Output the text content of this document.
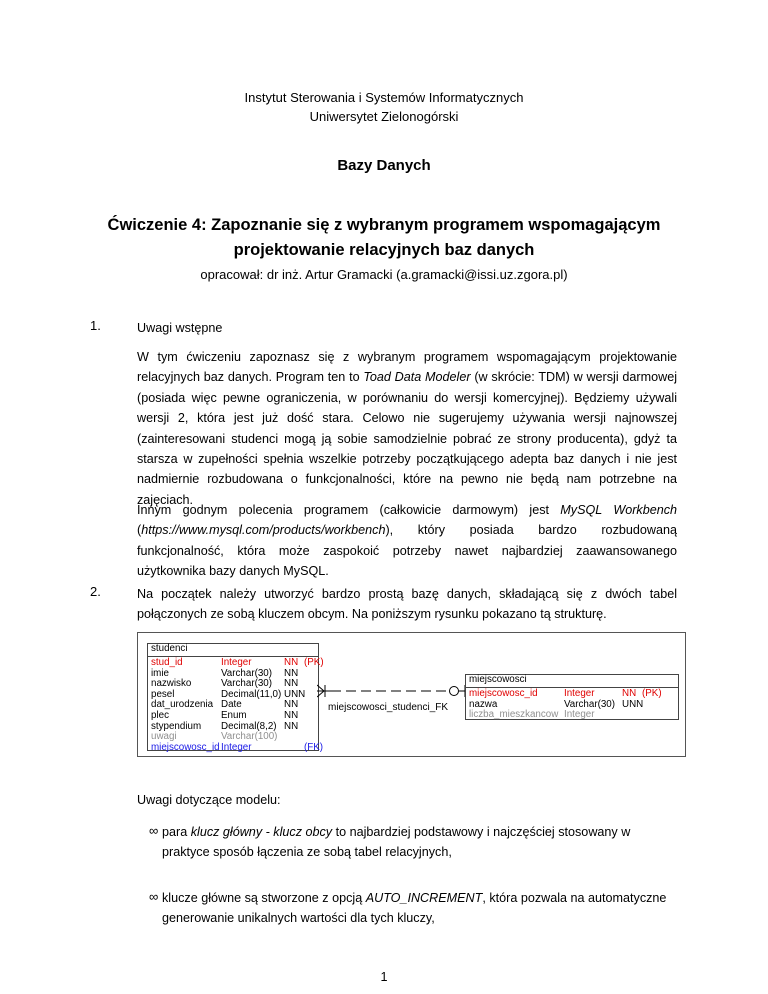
Instytut Sterowania i Systemów Informatycznych
Uniwersytet Zielonogórski
Bazy Danych
Ćwiczenie 4: Zapoznanie się z wybranym programem wspomagającym
projektowanie relacyjnych baz danych
opracował: dr inż. Artur Gramacki (a.gramacki@issi.uz.zgora.pl)
1.	Uwagi wstępne
W tym ćwiczeniu zapoznasz się z wybranym programem wspomagającym projektowanie relacyjnych baz danych. Program ten to Toad Data Modeler (w skrócie: TDM) w wersji darmowej (posiada więc pewne ograniczenia, w porównaniu do wersji komercyjnej). Będziemy używali wersji 2, która jest już dość stara. Celowo nie sugerujemy używania wersji najnowszej (zainteresowani studenci mogą ją sobie samodzielnie pobrać ze strony producenta), gdyż ta starsza w zupełności spełnia wszelkie potrzeby początkującego adepta baz danych i nie jest nadmiernie rozbudowana o funkcjonalności, które na pewno nie będą nam potrzebne na zajęciach.
Innym godnym polecenia programem (całkowicie darmowym) jest MySQL Workbench (https://www.mysql.com/products/workbench), który posiada bardzo rozbudowaną funkcjonalność, która może zaspokoić potrzeby nawet najbardziej zaawansowanego użytkownika bazy danych MySQL.
2.	Na początek należy utworzyć bardzo prostą bazę danych, składającą się z dwóch tabel połączonych ze sobą kluczem obcym. Na poniższym rysunku pokazano tą strukturę.
studenci
stud_id	Integer	NN (PK)
imie	Varchar(30) NN
nazwisko	Varchar(30) NN
pesel	Decimal(11,0) UNN
dat_urodzenia Date	NN
plec	Enum	NN
stypendium Decimal(8,2) NN
uwagi	Varchar(100)
miejscowosc_id Integer	(FK)
miejscowosci_studenci_FK
miejscowosci
miejscowosc_id	Integer	NN (PK)
nazwa	Varchar(30) UNN
liczba_mieszkancow Integer
Uwagi dotyczące modelu:
∞ para klucz główny - klucz obcy to najbardziej podstawowy i najczęściej stosowany w praktyce sposób łączenia ze sobą tabel relacyjnych,
∞ klucze główne są stworzone z opcją AUTO_INCREMENT, która pozwala na automatyczne generowanie unikalnych wartości dla tych kluczy,
1
